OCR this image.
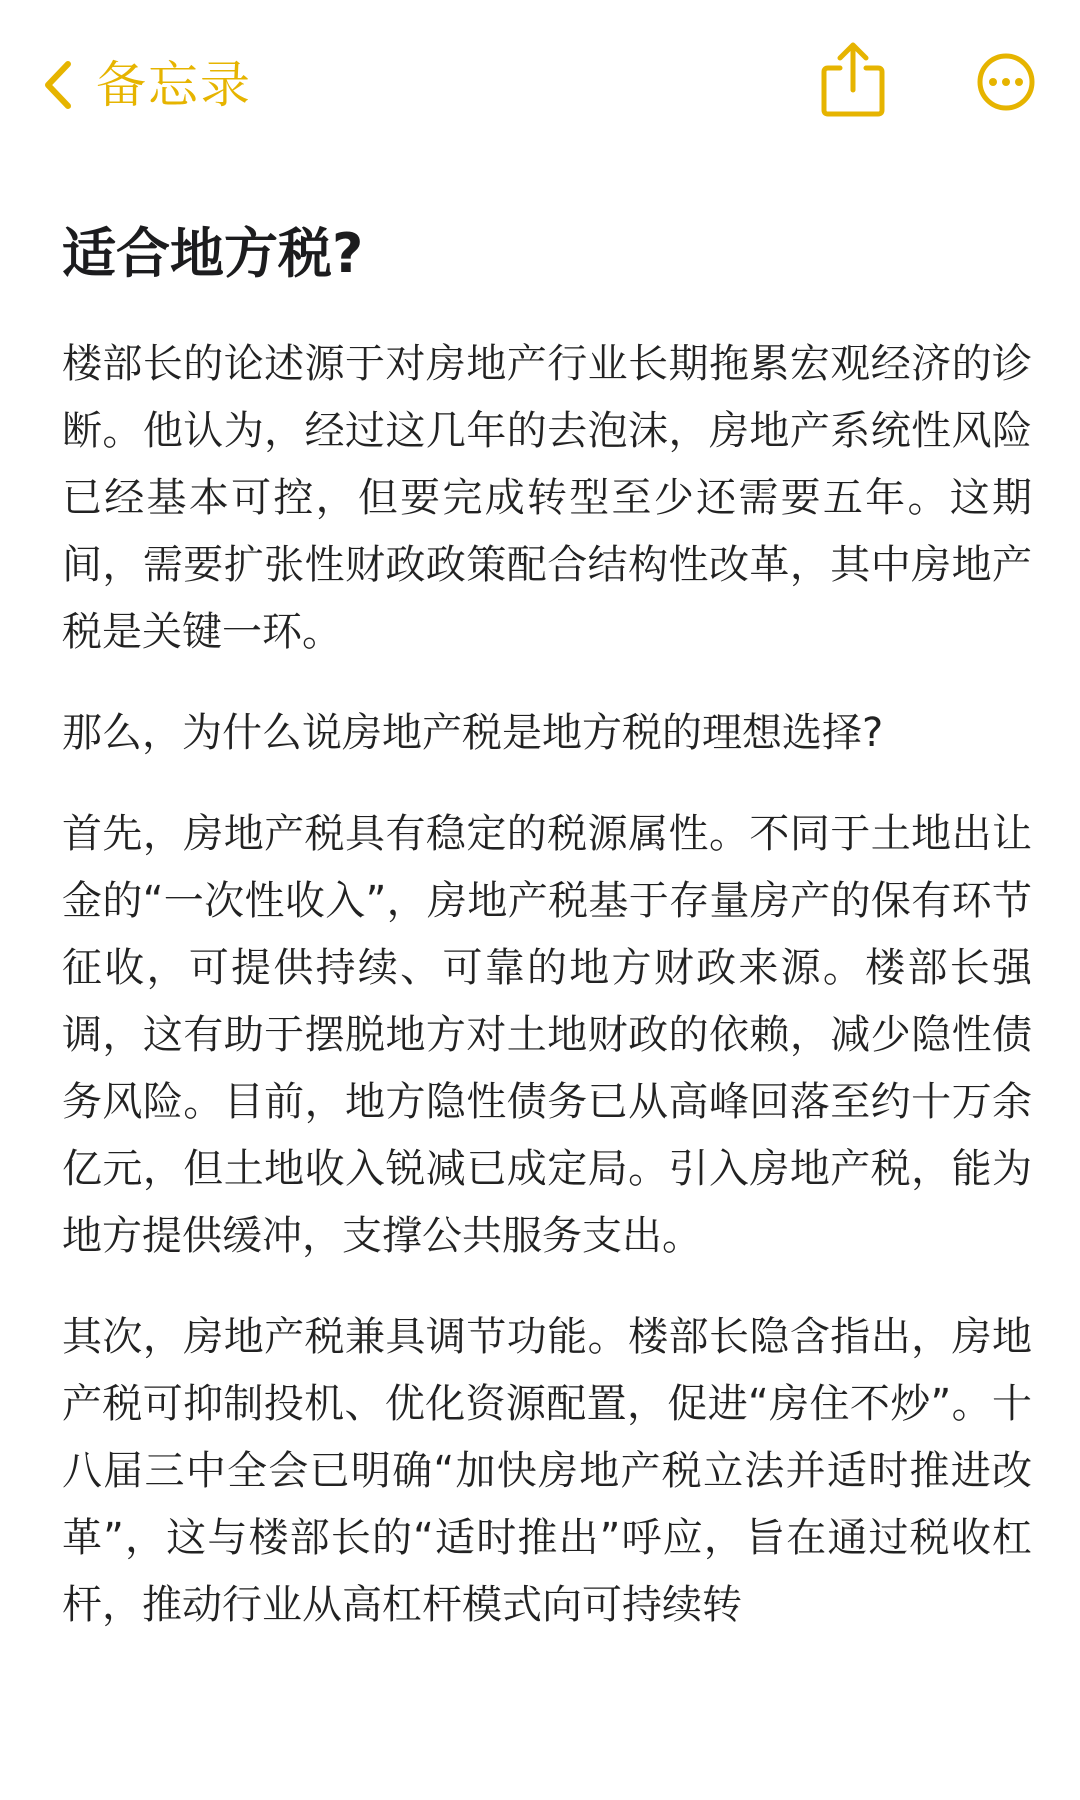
备忘录
适合地方税?

楼部长的论述源于对房地产行业长期拖累宏观经济的诊断。他认为，经过这几年的去泡沫，房地产系统性风险已经基本可控，但要完成转型至少还需要五年。这期间，需要扩张性财政政策配合结构性改革，其中房地产税是关键一环。

那么，为什么说房地产税是地方税的理想选择?

首先，房地产税具有稳定的税源属性。不同于土地出让金的“一次性收入”，房地产税基于存量房产的保有环节征收，可提供持续、可靠的地方财政来源。楼部长强调，这有助于摆脱地方对土地财政的依赖，减少隐性债务风险。目前，地方隐性债务已从高峰回落至约十万余亿元，但土地收入锐减已成定局。引入房地产税，能为地方提供缓冲，支撑公共服务支出。

其次，房地产税兼具调节功能。楼部长隐含指出，房地产税可抑制投机、优化资源配置，促进“房住不炒”。十八届三中全会已明确“加快房地产税立法并适时推进改革”，这与楼部长的“适时推出”呼应，旨在通过税收杠杆，推动行业从高杠杆模式向可持续转
